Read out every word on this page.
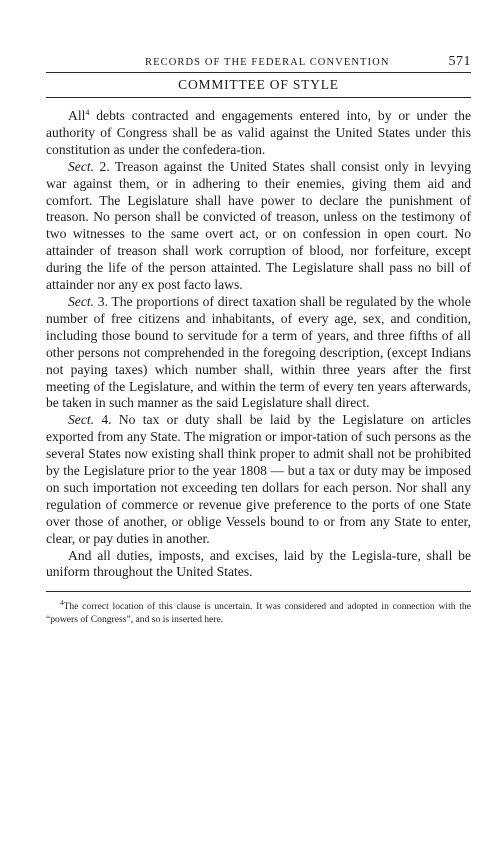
RECORDS OF THE FEDERAL CONVENTION	571
COMMITTEE OF STYLE

All$^4$ debts contracted and engagements entered into, by or under the authority of Congress shall be as valid against the United States under this constitution as under the confedera-tion.

Sect. 2. Treason against the United States shall consist only in levying war against them, or in adhering to their enemies, giving them aid and comfort. The Legislature shall have power to declare the punishment of treason. No person shall be convicted of treason, unless on the testimony of two witnesses to the same overt act, or on confession in open court. No attainder of treason shall work corruption of blood, nor forfeiture, except during the life of the person attainted. The Legislature shall pass no bill of attainder nor any ex post facto laws.

Sect. 3. The proportions of direct taxation shall be regulated by the whole number of free citizens and inhabitants, of every age, sex, and condition, including those bound to servitude for a term of years, and three fifths of all other persons not comprehended in the foregoing description, (except Indians not paying taxes) which number shall, within three years after the first meeting of the Legislature, and within the term of every ten years afterwards, be taken in such manner as the said Legislature shall direct.

Sect. 4. No tax or duty shall be laid by the Legislature on articles exported from any State. The migration or impor-tation of such persons as the several States now existing shall think proper to admit shall not be prohibited by the Legislature prior to the year 1808 — but a tax or duty may be imposed on such importation not exceeding ten dollars for each person. Nor shall any regulation of commerce or revenue give preference to the ports of one State over those of another, or oblige Vessels bound to or from any State to enter, clear, or pay duties in another.

And all duties, imposts, and excises, laid by the Legisla-ture, shall be uniform throughout the United States.

$^4$The correct location of this clause is uncertain. It was considered and adopted in connection with the “powers of Congress”, and so is inserted here.
